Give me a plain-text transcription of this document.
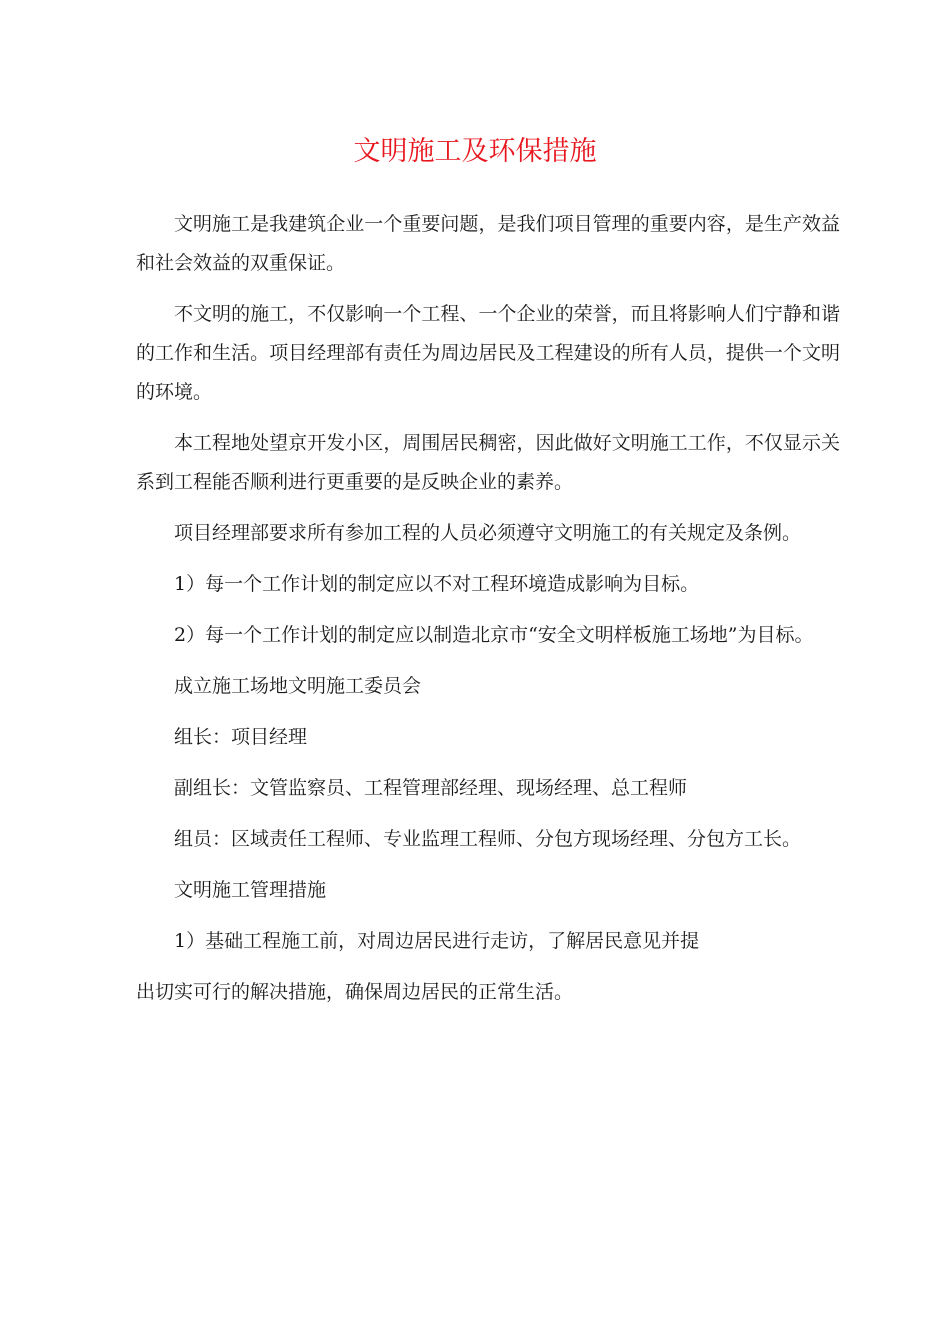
文明施工及环保措施

文明施工是我建筑企业一个重要问题，是我们项目管理的重要内容，是生产效益和社会效益的双重保证。

不文明的施工，不仅影响一个工程、一个企业的荣誉，而且将影响人们宁静和谐的工作和生活。项目经理部有责任为周边居民及工程建设的所有人员，提供一个文明的环境。

本工程地处望京开发小区，周围居民稠密，因此做好文明施工工作，不仅显示关系到工程能否顺利进行更重要的是反映企业的素养。

项目经理部要求所有参加工程的人员必须遵守文明施工的有关规定及条例。

1）每一个工作计划的制定应以不对工程环境造成影响为目标。

2）每一个工作计划的制定应以制造北京市“安全文明样板施工场地”为目标。

成立施工场地文明施工委员会

组长：项目经理

副组长：文管监察员、工程管理部经理、现场经理、总工程师

组员：区域责任工程师、专业监理工程师、分包方现场经理、分包方工长。

文明施工管理措施

1）基础工程施工前，对周边居民进行走访，了解居民意见并提

出切实可行的解决措施，确保周边居民的正常生活。
